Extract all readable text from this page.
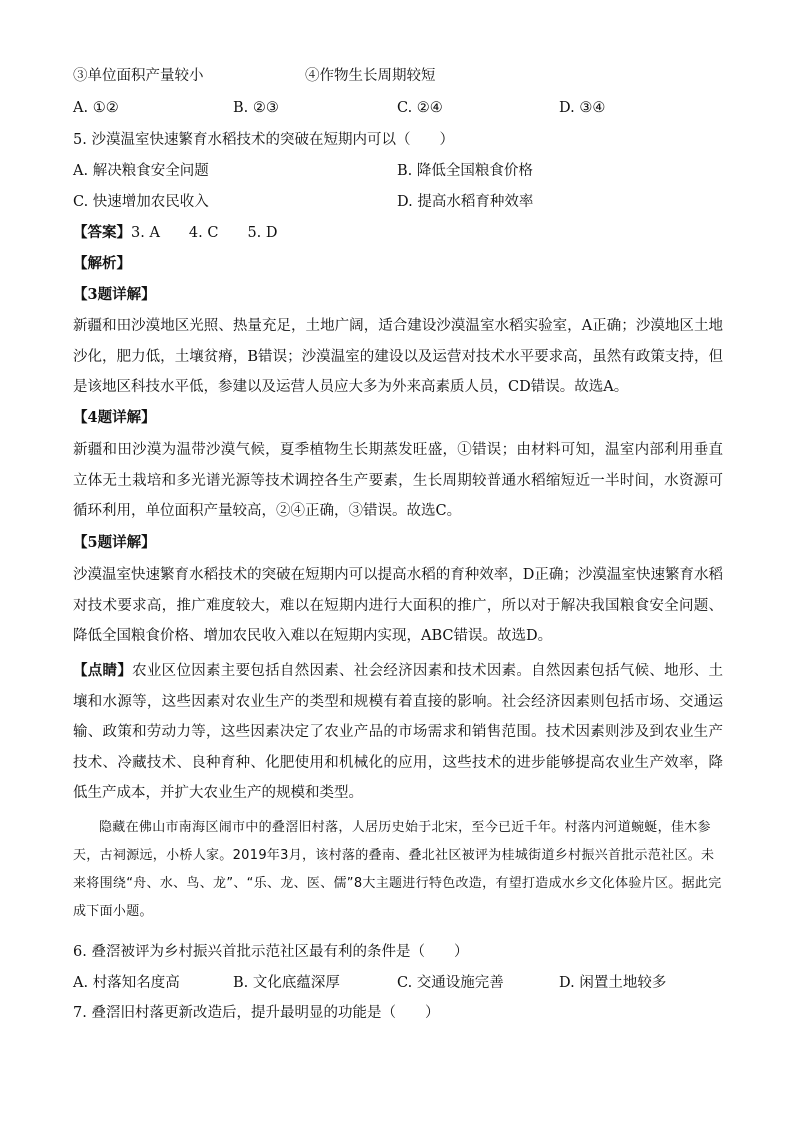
③单位面积产量较小	④作物生长周期较短
A. ①②	B. ②③	C. ②④	D. ③④
5. 沙漠温室快速繁育水稻技术的突破在短期内可以（　　）
A. 解决粮食安全问题	B. 降低全国粮食价格
C. 快速增加农民收入	D. 提高水稻育种效率
【答案】3. A　　4. C　　5. D
【解析】
【3题详解】
新疆和田沙漠地区光照、热量充足，土地广阔，适合建设沙漠温室水稻实验室，A正确；沙漠地区土地沙化，肥力低，土壤贫瘠，B错误；沙漠温室的建设以及运营对技术水平要求高，虽然有政策支持，但是该地区科技水平低，参建以及运营人员应大多为外来高素质人员，CD错误。故选A。
【4题详解】
新疆和田沙漠为温带沙漠气候，夏季植物生长期蒸发旺盛，①错误；由材料可知，温室内部利用垂直立体无土栽培和多光谱光源等技术调控各生产要素，生长周期较普通水稻缩短近一半时间，水资源可循环利用，单位面积产量较高，②④正确，③错误。故选C。
【5题详解】
沙漠温室快速繁育水稻技术的突破在短期内可以提高水稻的育种效率，D正确；沙漠温室快速繁育水稻对技术要求高，推广难度较大，难以在短期内进行大面积的推广，所以对于解决我国粮食安全问题、降低全国粮食价格、增加农民收入难以在短期内实现，ABC错误。故选D。
【点睛】农业区位因素主要包括自然因素、社会经济因素和技术因素。自然因素包括气候、地形、土壤和水源等，这些因素对农业生产的类型和规模有着直接的影响。社会经济因素则包括市场、交通运输、政策和劳动力等，这些因素决定了农业产品的市场需求和销售范围。技术因素则涉及到农业生产技术、冷藏技术、良种育种、化肥使用和机械化的应用，这些技术的进步能够提高农业生产效率，降低生产成本，并扩大农业生产的规模和类型。
隐藏在佛山市南海区闹市中的叠滘旧村落，人居历史始于北宋，至今已近千年。村落内河道蜿蜒，佳木参天，古祠源远，小桥人家。2019年3月，该村落的叠南、叠北社区被评为桂城街道乡村振兴首批示范社区。未来将围绕“舟、水、鸟、龙”、“乐、龙、医、儒”8大主题进行特色改造，有望打造成水乡文化体验片区。据此完成下面小题。
6. 叠滘被评为乡村振兴首批示范社区最有利的条件是（　　）
A. 村落知名度高	B. 文化底蕴深厚	C. 交通设施完善	D. 闲置土地较多
7. 叠滘旧村落更新改造后，提升最明显的功能是（　　）
